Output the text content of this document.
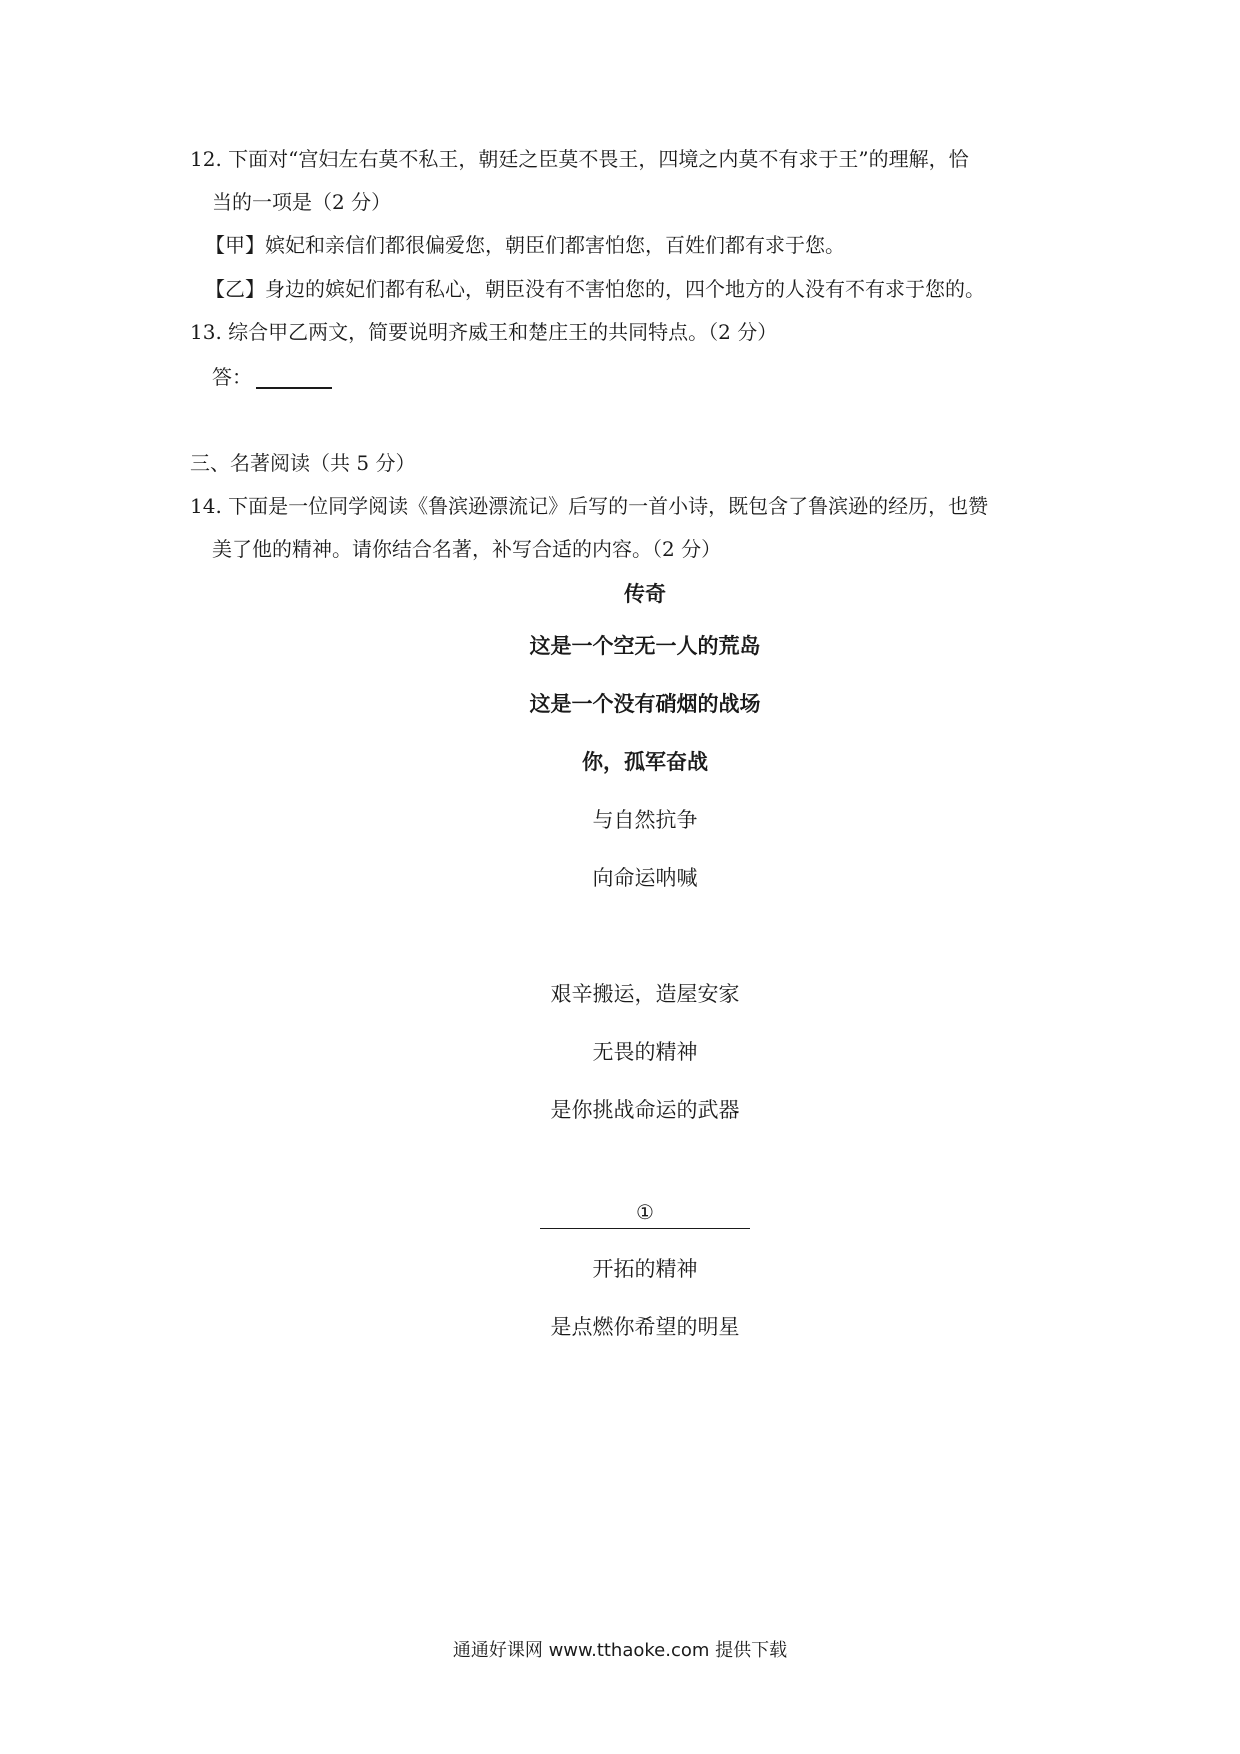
12. 下面对“宫妇左右莫不私王，朝廷之臣莫不畏王，四境之内莫不有求于王”的理解，恰
当的一项是（2 分）
【甲】嫔妃和亲信们都很偏爱您，朝臣们都害怕您，百姓们都有求于您。
【乙】身边的嫔妃们都有私心，朝臣没有不害怕您的，四个地方的人没有不有求于您的。
13. 综合甲乙两文，简要说明齐威王和楚庄王的共同特点。（2 分）
答：
三、名著阅读（共 5 分）
14. 下面是一位同学阅读《鲁滨逊漂流记》后写的一首小诗，既包含了鲁滨逊的经历，也赞
美了他的精神。请你结合名著，补写合适的内容。（2 分）
传奇
这是一个空无一人的荒岛
这是一个没有硝烟的战场
你，孤军奋战
与自然抗争
向命运呐喊
艰辛搬运，造屋安家
无畏的精神
是你挑战命运的武器
①
开拓的精神
是点燃你希望的明星
通通好课网 www.tthaoke.com 提供下载
